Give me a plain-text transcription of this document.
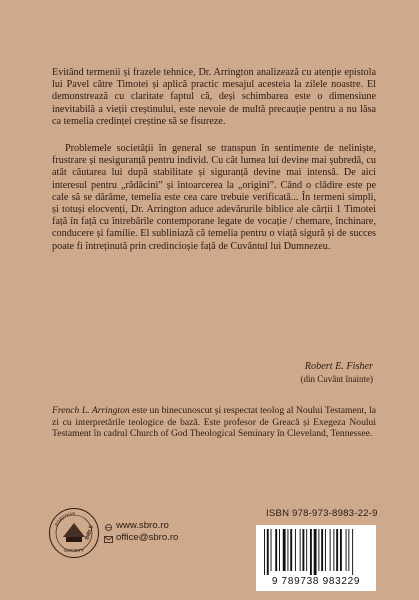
Evitând termenii și frazele tehnice, Dr. Arrington analizează cu atenție epistola lui Pavel către Timotei și aplică practic mesajul acesteia la zilele noastre. El demonstrează cu claritate faptul că, deși schimbarea este o dimensiune inevitabilă a vieții creștinului, este nevoie de multă precauție pentru a nu lăsa ca temelia credinței creștine să se fisureze.

Problemele societății în general se transpun în sentimente de neliniște, frustrare și nesiguranță pentru individ. Cu cât lumea lui devine mai șubredă, cu atât căutarea lui după stabilitate și siguranță devine mai intensă. De aici interesul pentru „rădăcini” și întoarcerea la „origini”. Când o clădire este pe cale să se dărâme, temelia este cea care trebuie verificată... În termeni simpli, și totuși elocvenți, Dr. Arrington aduce adevărurile biblice ale cărții 1 Timotei față în față cu întrebările contemporane legate de vocație / chemare, închinare, conducere și familie. El subliniază că temelia pentru o viață sigură și de succes poate fi întreținută prin credincioșie față de Cuvântul lui Dumnezeu.

Robert E. Fisher
(din Cuvânt înainte)

French L. Arrington este un binecunoscut și respectat teolog al Noului Testament, la zi cu interpretările teologice de bază. Este profesor de Greacă și Exegeza Noului Testament în cadrul Church of God Theological Seminary în Cleveland, Tennessee.

ROMANIAN
BIBLE
SOCIETY
www.sbro.ro
office@sbro.ro
ISBN 978-973-8983-22-9
9 789738 983229
